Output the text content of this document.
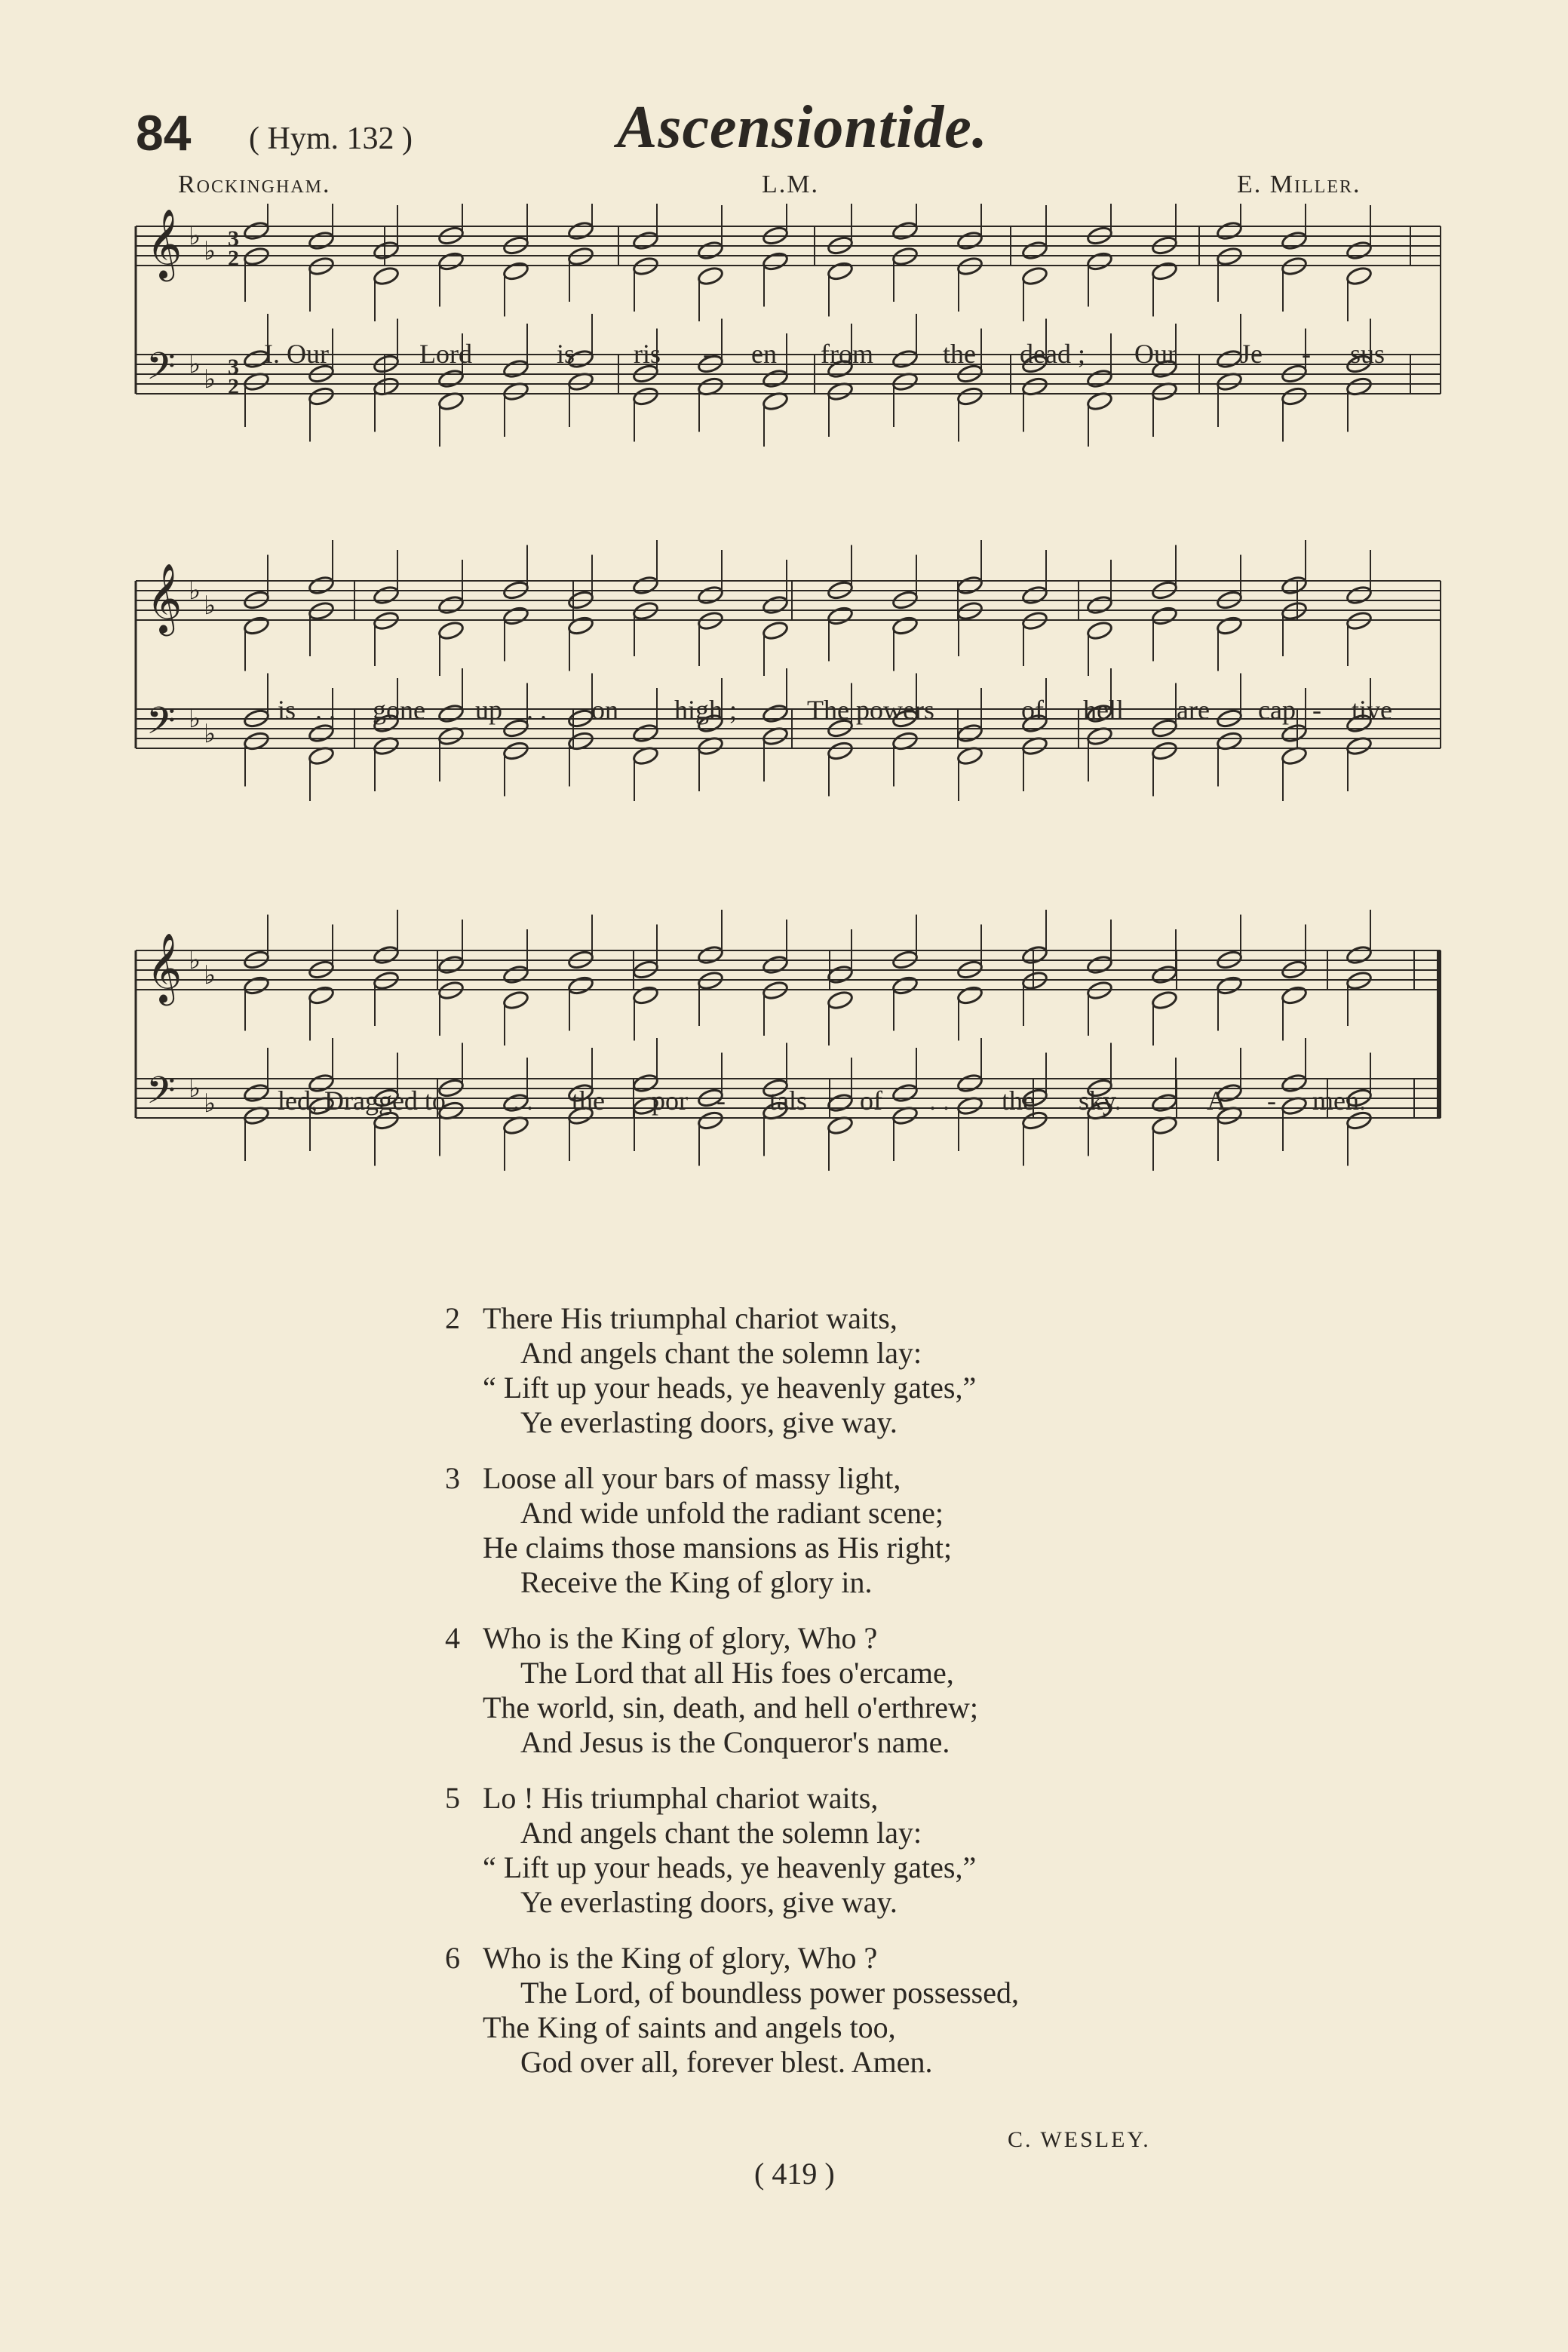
84 ( Hym. 132 )	Ascensiontide.
Rockingham.	L.M.	E. Miller.
𝄞
𝄢
♭
♭
♭
♭
3
2
3
2
𝄞
𝄢
♭
♭
♭
♭
𝄞
𝄢
♭
♭
♭
♭
I. Our	Lord	is ris - en from	the dead ; Our Je - sus
is . . gone up . . on high ;	The powers	of hell are cap - tive
led, Dragged to . . the por - tals of . . the sky.	A - men.
2 There His triumphal chariot waits,
And angels chant the solemn lay:
“ Lift up your heads, ye heavenly gates,”
Ye everlasting doors, give way.
3 Loose all your bars of massy light,
And wide unfold the radiant scene;
He claims those mansions as His right;
Receive the King of glory in.
4 Who is the King of glory, Who ?
The Lord that all His foes o'ercame,
The world, sin, death, and hell o'erthrew;
And Jesus is the Conqueror's name.
5 Lo ! His triumphal chariot waits,
And angels chant the solemn lay:
“ Lift up your heads, ye heavenly gates,”
Ye everlasting doors, give way.
6 Who is the King of glory, Who ?
The Lord, of boundless power possessed,
The King of saints and angels too,
God over all, forever blest. Amen.
C. WESLEY.
( 419 )
